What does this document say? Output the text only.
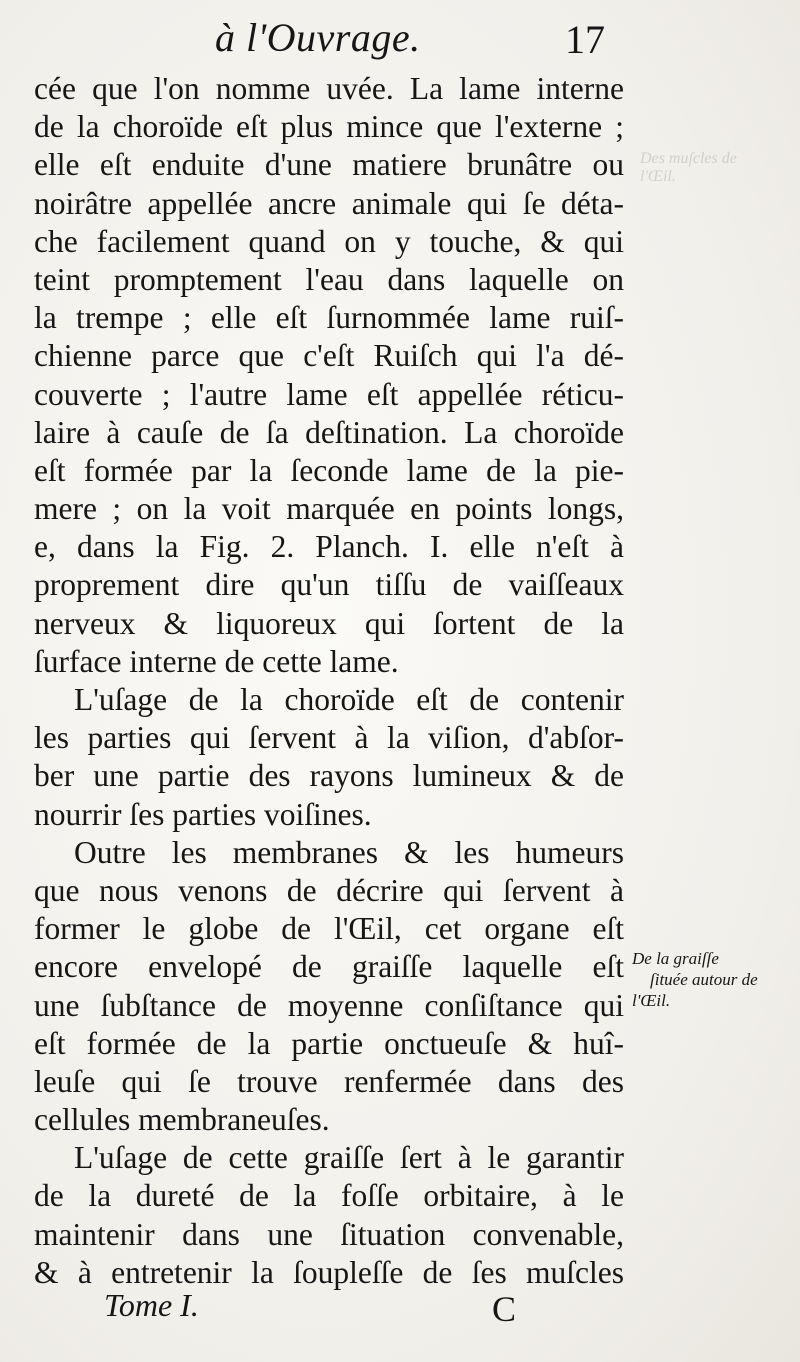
à l'Ouvrage.	17
Des muſcles de l'Œil.
cée que l'on nomme uvée. La lame interne
de la choroïde eſt plus mince que l'externe ;
elle eſt enduite d'une matiere brunâtre ou
noirâtre appellée ancre animale qui ſe déta-
che facilement quand on y touche, & qui
teint promptement l'eau dans laquelle on
la trempe ; elle eſt ſurnommée lame ruiſ-
chienne parce que c'eſt Ruiſch qui l'a dé-
couverte ; l'autre lame eſt appellée réticu-
laire à cauſe de ſa deſtination. La choroïde
eſt formée par la ſeconde lame de la pie-
mere ; on la voit marquée en points longs,
e, dans la Fig. 2. Planch. I. elle n'eſt à
proprement dire qu'un tiſſu de vaiſſeaux
nerveux & liquoreux qui ſortent de la
ſurface interne de cette lame.
L'uſage de la choroïde eſt de contenir
les parties qui ſervent à la viſion, d'abſor-
ber une partie des rayons lumineux & de
nourrir ſes parties voiſines.
Outre les membranes & les humeurs
que nous venons de décrire qui ſervent à
former le globe de l'Œil, cet organe eſt
encore envelopé de graiſſe laquelle eſt
une ſubſtance de moyenne conſiſtance qui
eſt formée de la partie onctueuſe & huî-
leuſe qui ſe trouve renfermée dans des
cellules membraneuſes.
L'uſage de cette graiſſe ſert à le garantir
de la dureté de la foſſe orbitaire, à le
maintenir dans une ſituation convenable,
& à entretenir la ſoupleſſe de ſes muſcles
De la graiſſe
ſituée autour de
l'Œil.
Tome I.	C
